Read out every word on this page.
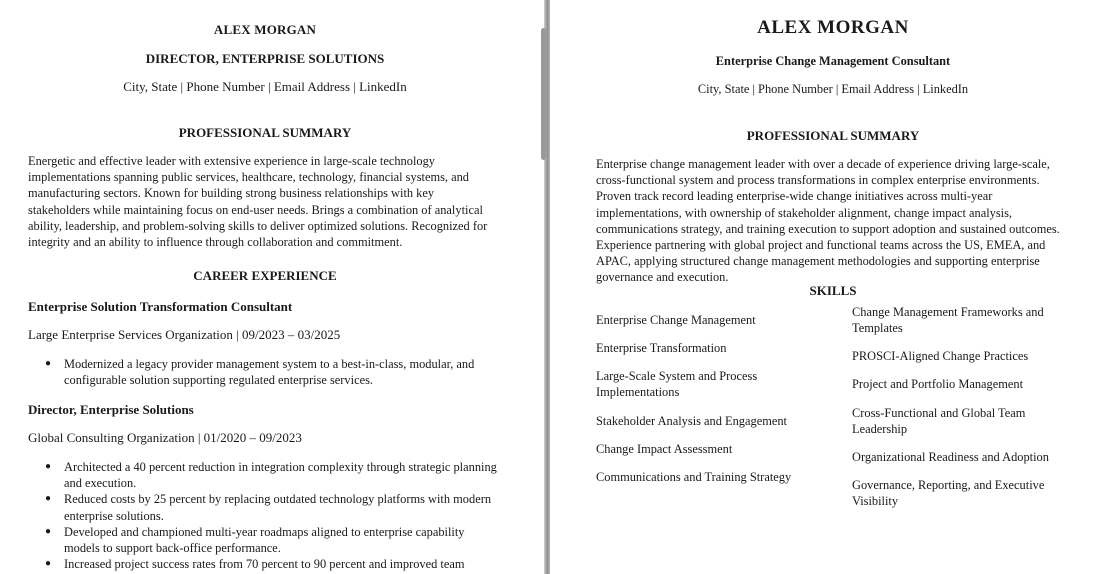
ALEX MORGAN
DIRECTOR, ENTERPRISE SOLUTIONS
City, State | Phone Number | Email Address | LinkedIn
PROFESSIONAL SUMMARY
Energetic and effective leader with extensive experience in large-scale technology implementations spanning public services, healthcare, technology, financial systems, and manufacturing sectors. Known for building strong business relationships with key stakeholders while maintaining focus on end-user needs. Brings a combination of analytical ability, leadership, and problem-solving skills to deliver optimized solutions. Recognized for integrity and an ability to influence through collaboration and commitment.
CAREER EXPERIENCE
Enterprise Solution Transformation Consultant
Large Enterprise Services Organization | 09/2023 – 03/2025
● Modernized a legacy provider management system to a best-in-class, modular, and configurable solution supporting regulated enterprise services.
Director, Enterprise Solutions
Global Consulting Organization | 01/2020 – 09/2023
● Architected a 40 percent reduction in integration complexity through strategic planning and execution.
● Reduced costs by 25 percent by replacing outdated technology platforms with modern enterprise solutions.
● Developed and championed multi-year roadmaps aligned to enterprise capability models to support back-office performance.
● Increased project success rates from 70 percent to 90 percent and improved team
ALEX MORGAN
Enterprise Change Management Consultant
City, State | Phone Number | Email Address | LinkedIn
PROFESSIONAL SUMMARY
Enterprise change management leader with over a decade of experience driving large-scale, cross-functional system and process transformations in complex enterprise environments. Proven track record leading enterprise-wide change initiatives across multi-year implementations, with ownership of stakeholder alignment, change impact analysis, communications strategy, and training execution to support adoption and sustained outcomes. Experience partnering with global project and functional teams across the US, EMEA, and APAC, applying structured change management methodologies and supporting enterprise governance and execution.
SKILLS
Enterprise Change Management
Enterprise Transformation
Large-Scale System and Process Implementations
Stakeholder Analysis and Engagement
Change Impact Assessment
Communications and Training Strategy
Change Management Frameworks and Templates
PROSCI-Aligned Change Practices
Project and Portfolio Management
Cross-Functional and Global Team Leadership
Organizational Readiness and Adoption
Governance, Reporting, and Executive Visibility
